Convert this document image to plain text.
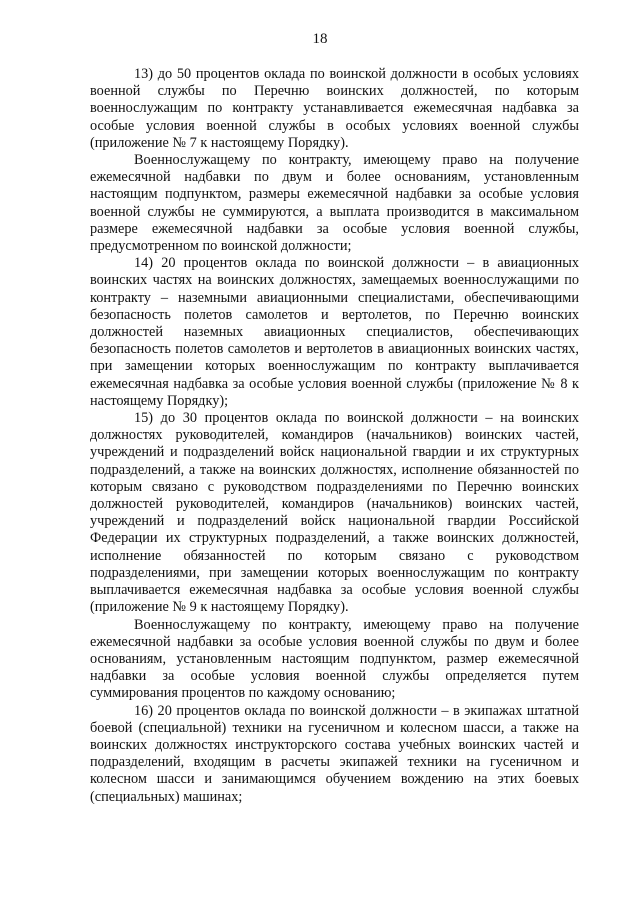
18

13) до 50 процентов оклада по воинской должности в особых условиях военной службы по Перечню воинских должностей, по которым военнослужащим по контракту устанавливается ежемесячная надбавка за особые условия военной службы в особых условиях военной службы (приложение № 7 к настоящему Порядку).

Военнослужащему по контракту, имеющему право на получение ежемесячной надбавки по двум и более основаниям, установленным настоящим подпунктом, размеры ежемесячной надбавки за особые условия военной службы не суммируются, а выплата производится в максимальном размере ежемесячной надбавки за особые условия военной службы, предусмотренном по воинской должности;

14) 20 процентов оклада по воинской должности – в авиационных воинских частях на воинских должностях, замещаемых военнослужащими по контракту – наземными авиационными специалистами, обеспечивающими безопасность полетов самолетов и вертолетов, по Перечню воинских должностей наземных авиационных специалистов, обеспечивающих безопасность полетов самолетов и вертолетов в авиационных воинских частях, при замещении которых военнослужащим по контракту выплачивается ежемесячная надбавка за особые условия военной службы (приложение № 8 к настоящему Порядку);

15) до 30 процентов оклада по воинской должности – на воинских должностях руководителей, командиров (начальников) воинских частей, учреждений и подразделений войск национальной гвардии и их структурных подразделений, а также на воинских должностях, исполнение обязанностей по которым связано с руководством подразделениями по Перечню воинских должностей руководителей, командиров (начальников) воинских частей, учреждений и подразделений войск национальной гвардии Российской Федерации их структурных подразделений, а также воинских должностей, исполнение обязанностей по которым связано с руководством подразделениями, при замещении которых военнослужащим по контракту выплачивается ежемесячная надбавка за особые условия военной службы (приложение № 9 к настоящему Порядку).

Военнослужащему по контракту, имеющему право на получение ежемесячной надбавки за особые условия военной службы по двум и более основаниям, установленным настоящим подпунктом, размер ежемесячной надбавки за особые условия военной службы определяется путем суммирования процентов по каждому основанию;

16) 20 процентов оклада по воинской должности – в экипажах штатной боевой (специальной) техники на гусеничном и колесном шасси, а также на воинских должностях инструкторского состава учебных воинских частей и подразделений, входящим в расчеты экипажей техники на гусеничном и колесном шасси и занимающимся обучением вождению на этих боевых (специальных) машинах;
